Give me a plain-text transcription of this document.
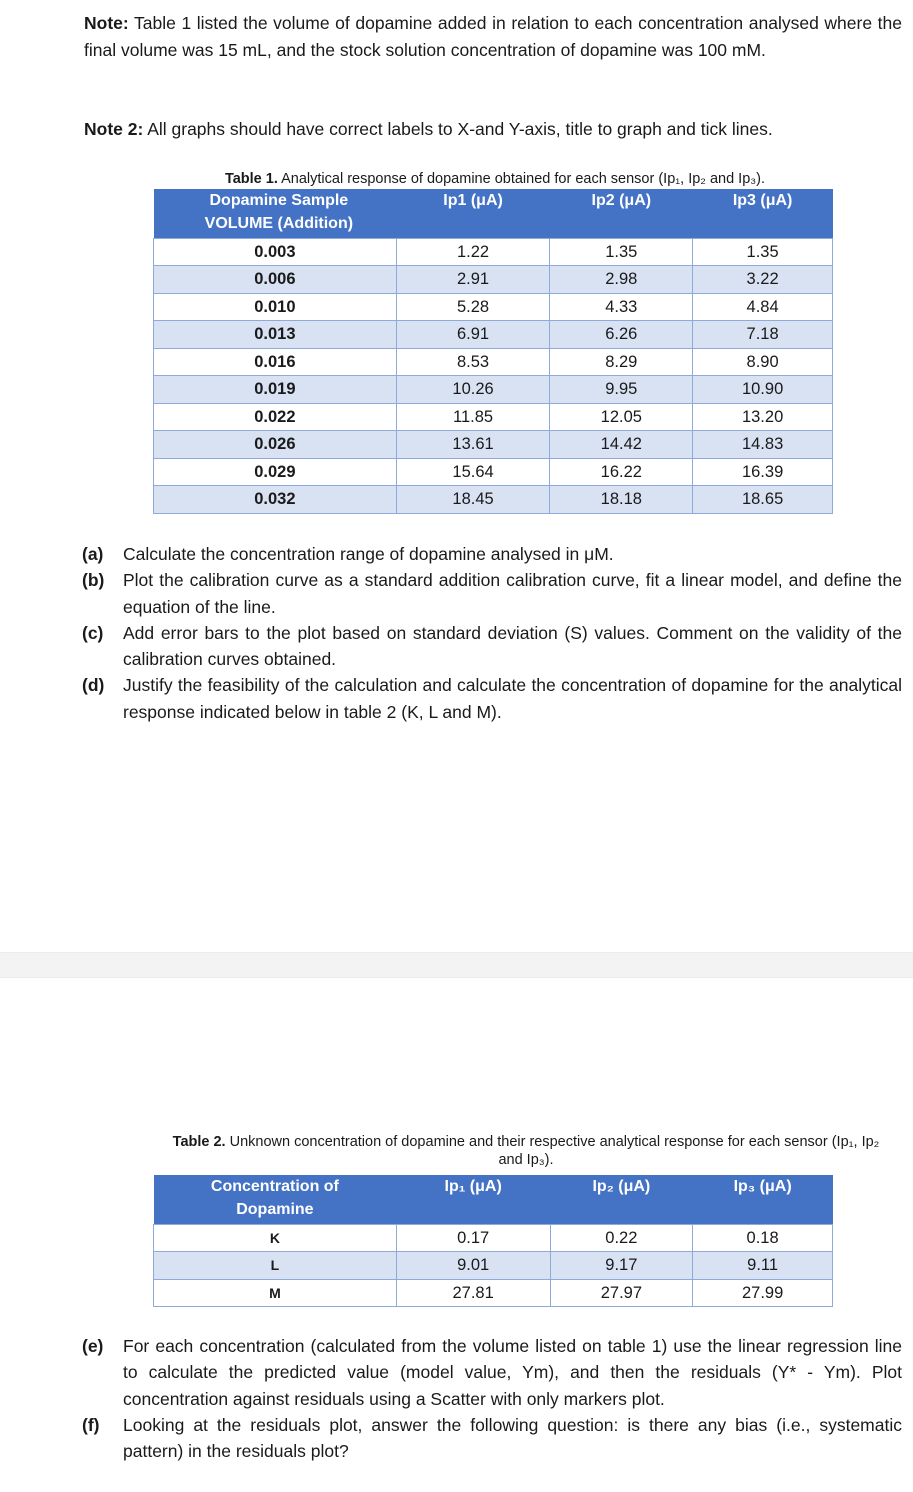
Note: Table 1 listed the volume of dopamine added in relation to each concentration analysed where the final volume was 15 mL, and the stock solution concentration of dopamine was 100 mM.

Note 2: All graphs should have correct labels to X-and Y-axis, title to graph and tick lines.

Table 1. Analytical response of dopamine obtained for each sensor (Ip₁, Ip₂ and Ip₃).
Dopamine Sample VOLUME (Addition)	Ip1 (μA)	Ip2 (μA)	Ip3 (μA)
0.003	1.22	1.35	1.35
0.006	2.91	2.98	3.22
0.010	5.28	4.33	4.84
0.013	6.91	6.26	7.18
0.016	8.53	8.29	8.90
0.019	10.26	9.95	10.90
0.022	11.85	12.05	13.20
0.026	13.61	14.42	14.83
0.029	15.64	16.22	16.39
0.032	18.45	18.18	18.65
(a) Calculate the concentration range of dopamine analysed in μM.
(b) Plot the calibration curve as a standard addition calibration curve, fit a linear model, and define the equation of the line.
(c) Add error bars to the plot based on standard deviation (S) values. Comment on the validity of the calibration curves obtained.
(d) Justify the feasibility of the calculation and calculate the concentration of dopamine for the analytical response indicated below in table 2 (K, L and M).
Table 2. Unknown concentration of dopamine and their respective analytical response for each sensor (Ip₁, Ip₂ and Ip₃).
Concentration of Dopamine	Ip₁ (μA)	Ip₂ (μA)	Ip₃ (μA)
K	0.17	0.22	0.18
L	9.01	9.17	9.11
M	27.81	27.97	27.99
(e) For each concentration (calculated from the volume listed on table 1) use the linear regression line to calculate the predicted value (model value, Ym), and then the residuals (Y* - Ym). Plot concentration against residuals using a Scatter with only markers plot.
(f) Looking at the residuals plot, answer the following question: is there any bias (i.e., systematic pattern) in the residuals plot?
